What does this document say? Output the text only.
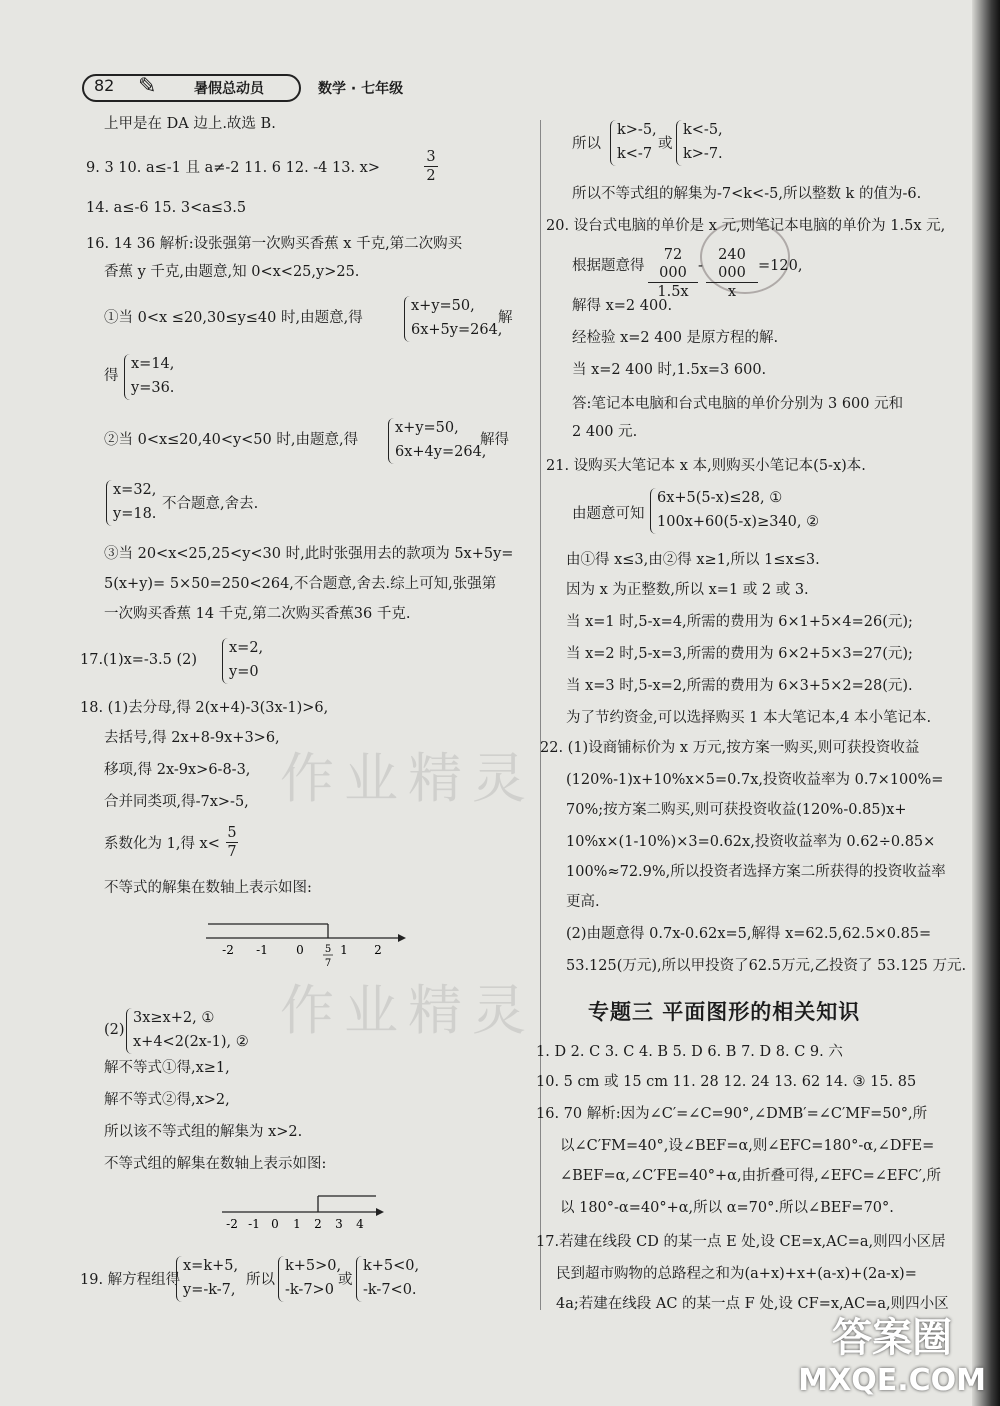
82 ✎	暑假总动员	数学 · 七年级
作业精灵
作业精灵
上甲是在 DA 边上.故选 B.
9. 3 10. a≤-1 且 a≠-2 11. 6 12. -4 13. x>	$\frac{3}{2}$
14. a≤-6 15. 3<a≤3.5
16. 14 36 解析:设张强第一次购买香蕉 x 千克,第二次购买
香蕉 y 千克,由题意,知 0<x<25,y>25.
①当 0<x ≤20,30≤y≤40 时,由题意,得
x+y=50,
6x+5y=264,
解
得
x=14,
y=36.
②当 0<x≤20,40<y<50 时,由题意,得
x+y=50,
6x+4y=264,
解得
x=32,
y=18.
不合题意,舍去.
③当 20<x<25,25<y<30 时,此时张强用去的款项为 5x+5y=
5(x+y)= 5×50=250<264,不合题意,舍去.综上可知,张强第
一次购买香蕉 14 千克,第二次购买香蕉36 千克.
17.(1)x=-3.5 (2)
x=2,
y=0
18. (1)去分母,得 2(x+4)-3(3x-1)>6,
去括号,得 2x+8-9x+3>6,
移项,得 2x-9x>6-8-3,
合并同类项,得-7x>-5,
系数化为 1,得 $x< \frac{5}{7}$
不等式的解集在数轴上表示如图:
-2 -1 0	1 2
5
7
(2)
3x≥x+2, ①
x+4<2(2x-1), ②
解不等式①得,x≥1,
解不等式②得,x>2,
所以该不等式组的解集为 x>2.
不等式组的解集在数轴上表示如图:
-2 -1 0 1 2 3 4
19. 解方程组得
x=k+5,
y=-k-7,
所以
k+5>0,
-k-7>0
或
k+5<0,
-k-7<0.
所以
k>-5,
k<-7
或
k<-5,
k>-7.
所以不等式组的解集为-7<k<-5,所以整数 k 的值为-6.
20. 设台式电脑的单价是 x 元,则笔记本电脑的单价为 1.5x 元,
根据题意得 $\frac{72 000}{1.5x} - \frac{240 000}{x} =120$,
解得 x=2 400.
经检验 x=2 400 是原方程的解.
当 x=2 400 时,1.5x=3 600.
答:笔记本电脑和台式电脑的单价分别为 3 600 元和
2 400 元.
21. 设购买大笔记本 x 本,则购买小笔记本(5-x)本.
由题意可知
6x+5(5-x)≤28, ①
100x+60(5-x)≥340, ②
由①得 x≤3,由②得 x≥1,所以 1≤x≤3.
因为 x 为正整数,所以 x=1 或 2 或 3.
当 x=1 时,5-x=4,所需的费用为 6×1+5×4=26(元);
当 x=2 时,5-x=3,所需的费用为 6×2+5×3=27(元);
当 x=3 时,5-x=2,所需的费用为 6×3+5×2=28(元).
为了节约资金,可以选择购买 1 本大笔记本,4 本小笔记本.
22. (1)设商铺标价为 x 万元,按方案一购买,则可获投资收益
(120%-1)x+10%x×5=0.7x,投资收益率为 0.7×100%=
70%;按方案二购买,则可获投资收益(120%-0.85)x+
10%x×(1-10%)×3=0.62x,投资收益率为 0.62÷0.85×
100%≈72.9%,所以投资者选择方案二所获得的投资收益率
更高.
(2)由题意得 0.7x-0.62x=5,解得 x=62.5,62.5×0.85=
53.125(万元),所以甲投资了62.5万元,乙投资了 53.125 万元.
专题三 平面图形的相关知识
1. D 2. C 3. C 4. B 5. D 6. B 7. D 8. C 9. 六
10. 5 cm 或 15 cm 11. 28 12. 24 13. 62 14. ③ 15. 85
16. 70 解析:因为∠C′=∠C=90°,∠DMB′=∠C′MF=50°,所
以∠C′FM=40°,设∠BEF=α,则∠EFC=180°-α,∠DFE=
∠BEF=α,∠C′FE=40°+α,由折叠可得,∠EFC=∠EFC′,所
以 180°-α=40°+α,所以 α=70°.所以∠BEF=70°.
17.若建在线段 CD 的某一点 E 处,设 CE=x,AC=a,则四小区居
民到超市购物的总路程之和为(a+x)+x+(a-x)+(2a-x)=
4a;若建在线段 AC 的某一点 F 处,设 CF=x,AC=a,则四小区
答案圈
MXQE.COM
